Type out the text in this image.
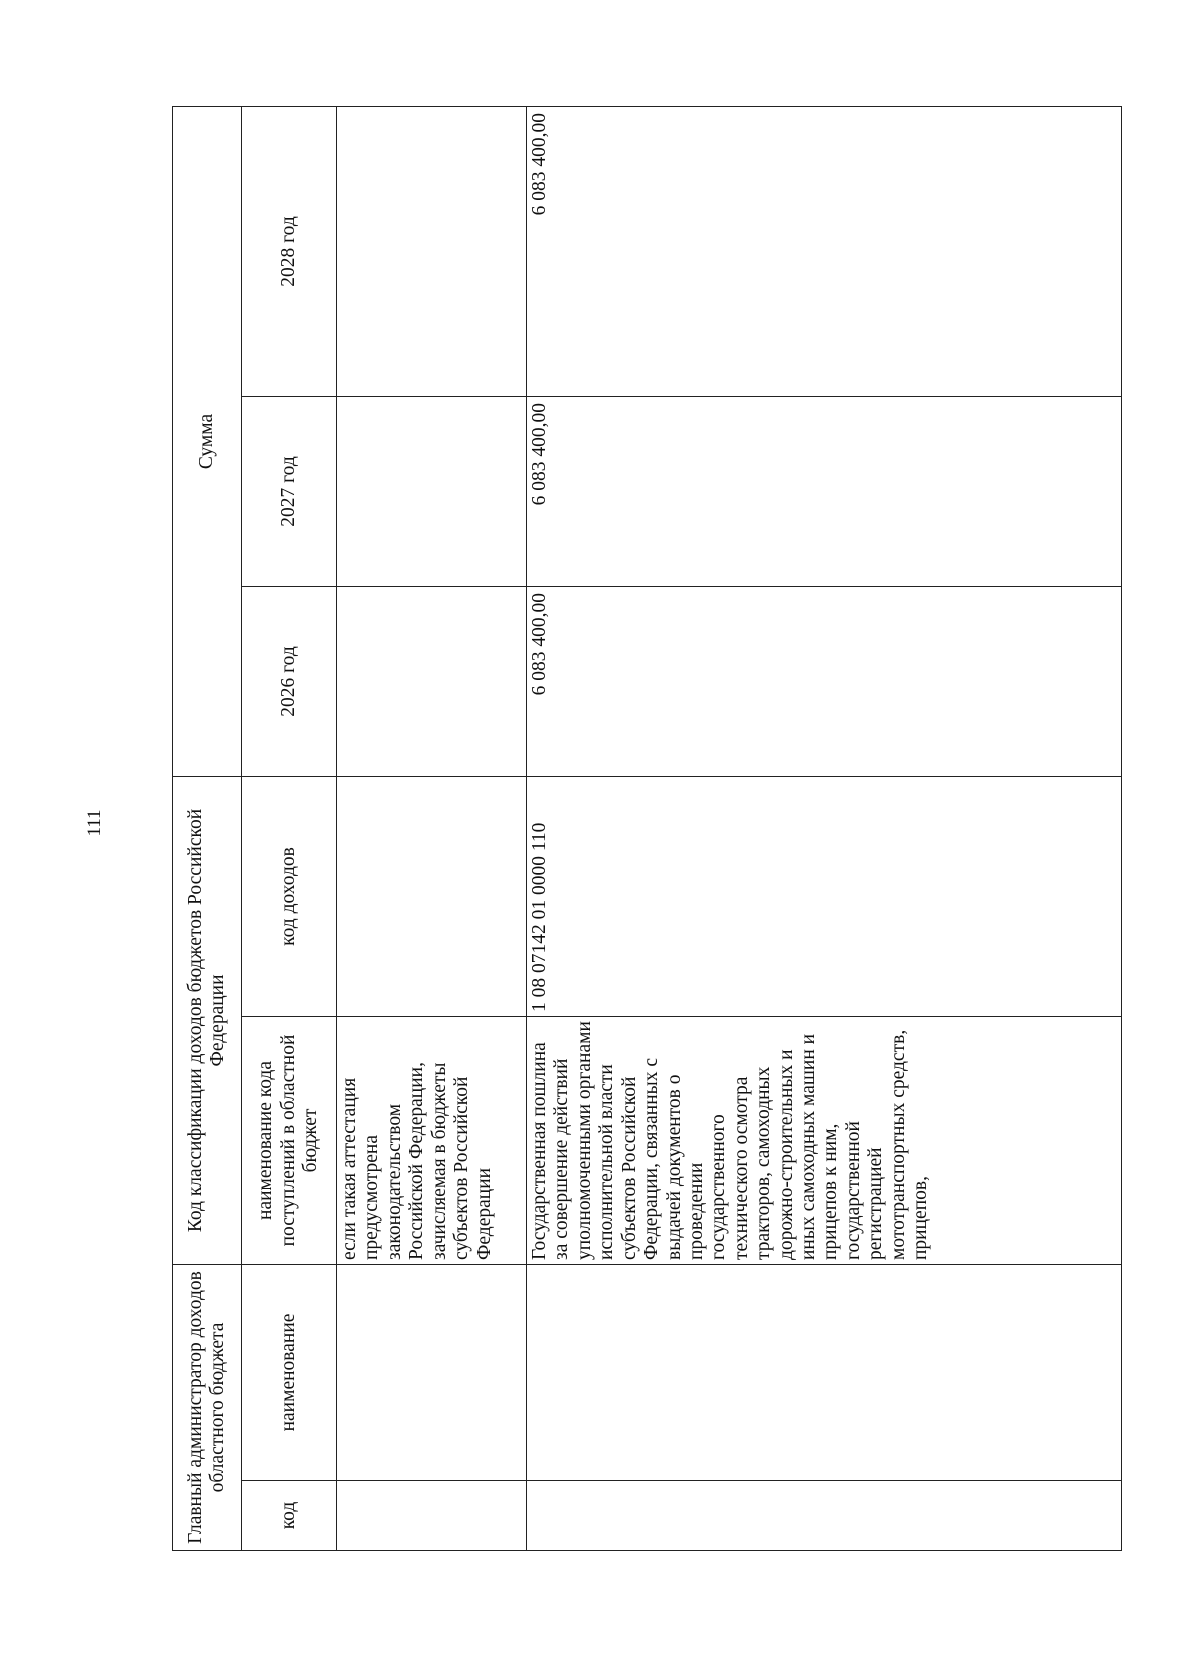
111
Главный администратор доходов областного бюджета		Код классификации доходов бюджетов Российской Федерации		Сумма		
код	наименование	наименование кода поступлений в областной бюджет	код доходов	2026 год	2027 год	2028 год
		если такая аттестация предусмотрена законодательством Российской Федерации, зачисляемая в бюджеты субъектов Российской Федерации				
		Государственная пошлина за совершение действий уполномоченными органами исполнительной власти субъектов Российской Федерации, связанных с выдачей документов о проведении государственного технического осмотра тракторов, самоходных дорожно-строительных и иных самоходных машин и прицепов к ним, государственной регистрацией мототранспортных средств, прицепов,	1 08 07142 01 0000 110	6 083 400,00	6 083 400,00	6 083 400,00
